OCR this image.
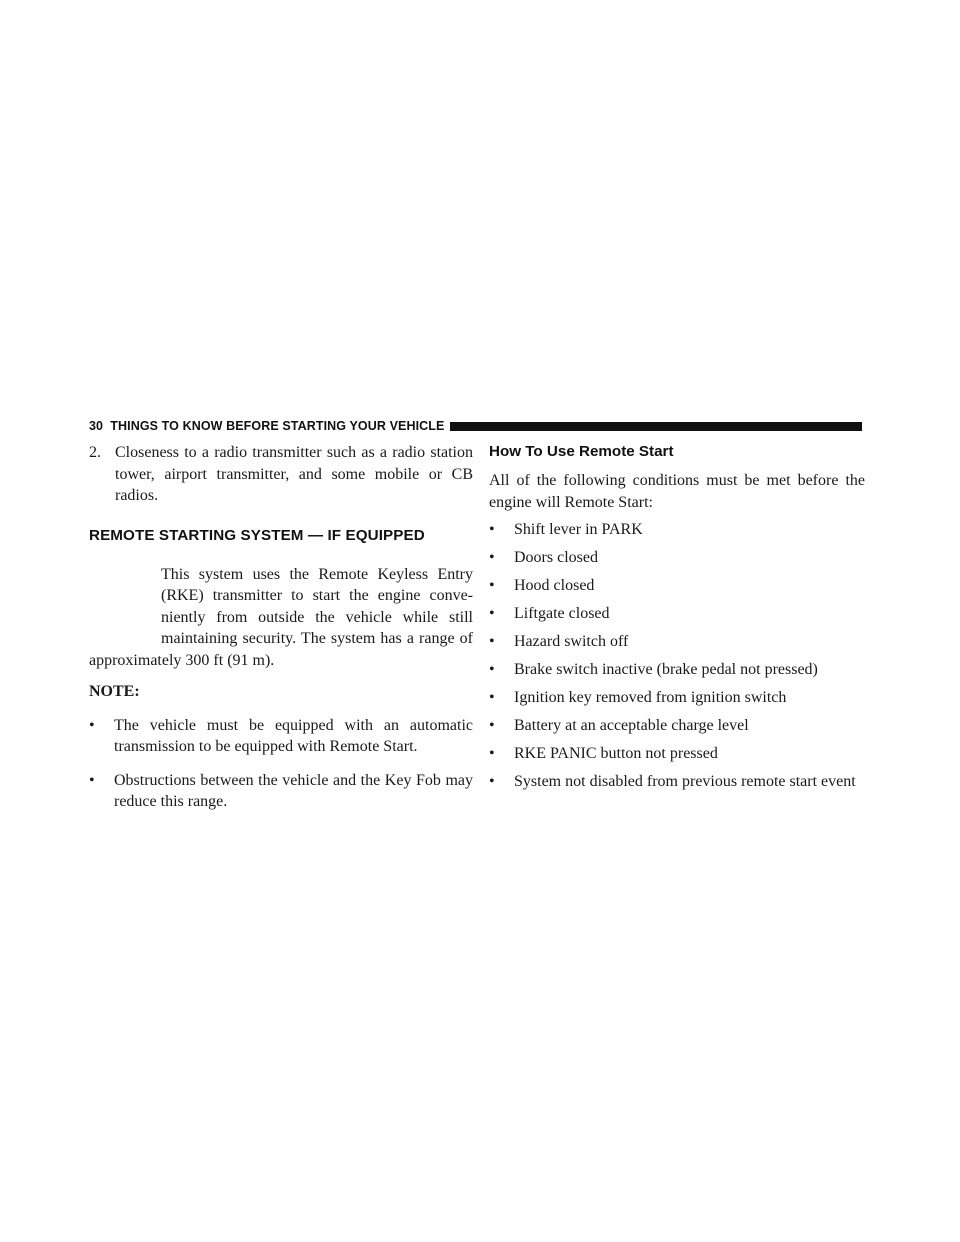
30 THINGS TO KNOW BEFORE STARTING YOUR VEHICLE
2. Closeness to a radio transmitter such as a radio station tower, airport transmitter, and some mobile or CB radios.
REMOTE STARTING SYSTEM — IF EQUIPPED
This system uses the Remote Keyless Entry
(RKE) transmitter to start the engine conve-
niently from outside the vehicle while still
maintaining security. The system has a range of
approximately 300 ft (91 m).
NOTE:
•	The vehicle must be equipped with an automatic transmission to be equipped with Remote Start.
•	Obstructions between the vehicle and the Key Fob may reduce this range.
How To Use Remote Start
All of the following conditions must be met before the engine will Remote Start:
•	Shift lever in PARK
•	Doors closed
•	Hood closed
•	Liftgate closed
•	Hazard switch off
•	Brake switch inactive (brake pedal not pressed)
•	Ignition key removed from ignition switch
•	Battery at an acceptable charge level
•	RKE PANIC button not pressed
•	System not disabled from previous remote start event
